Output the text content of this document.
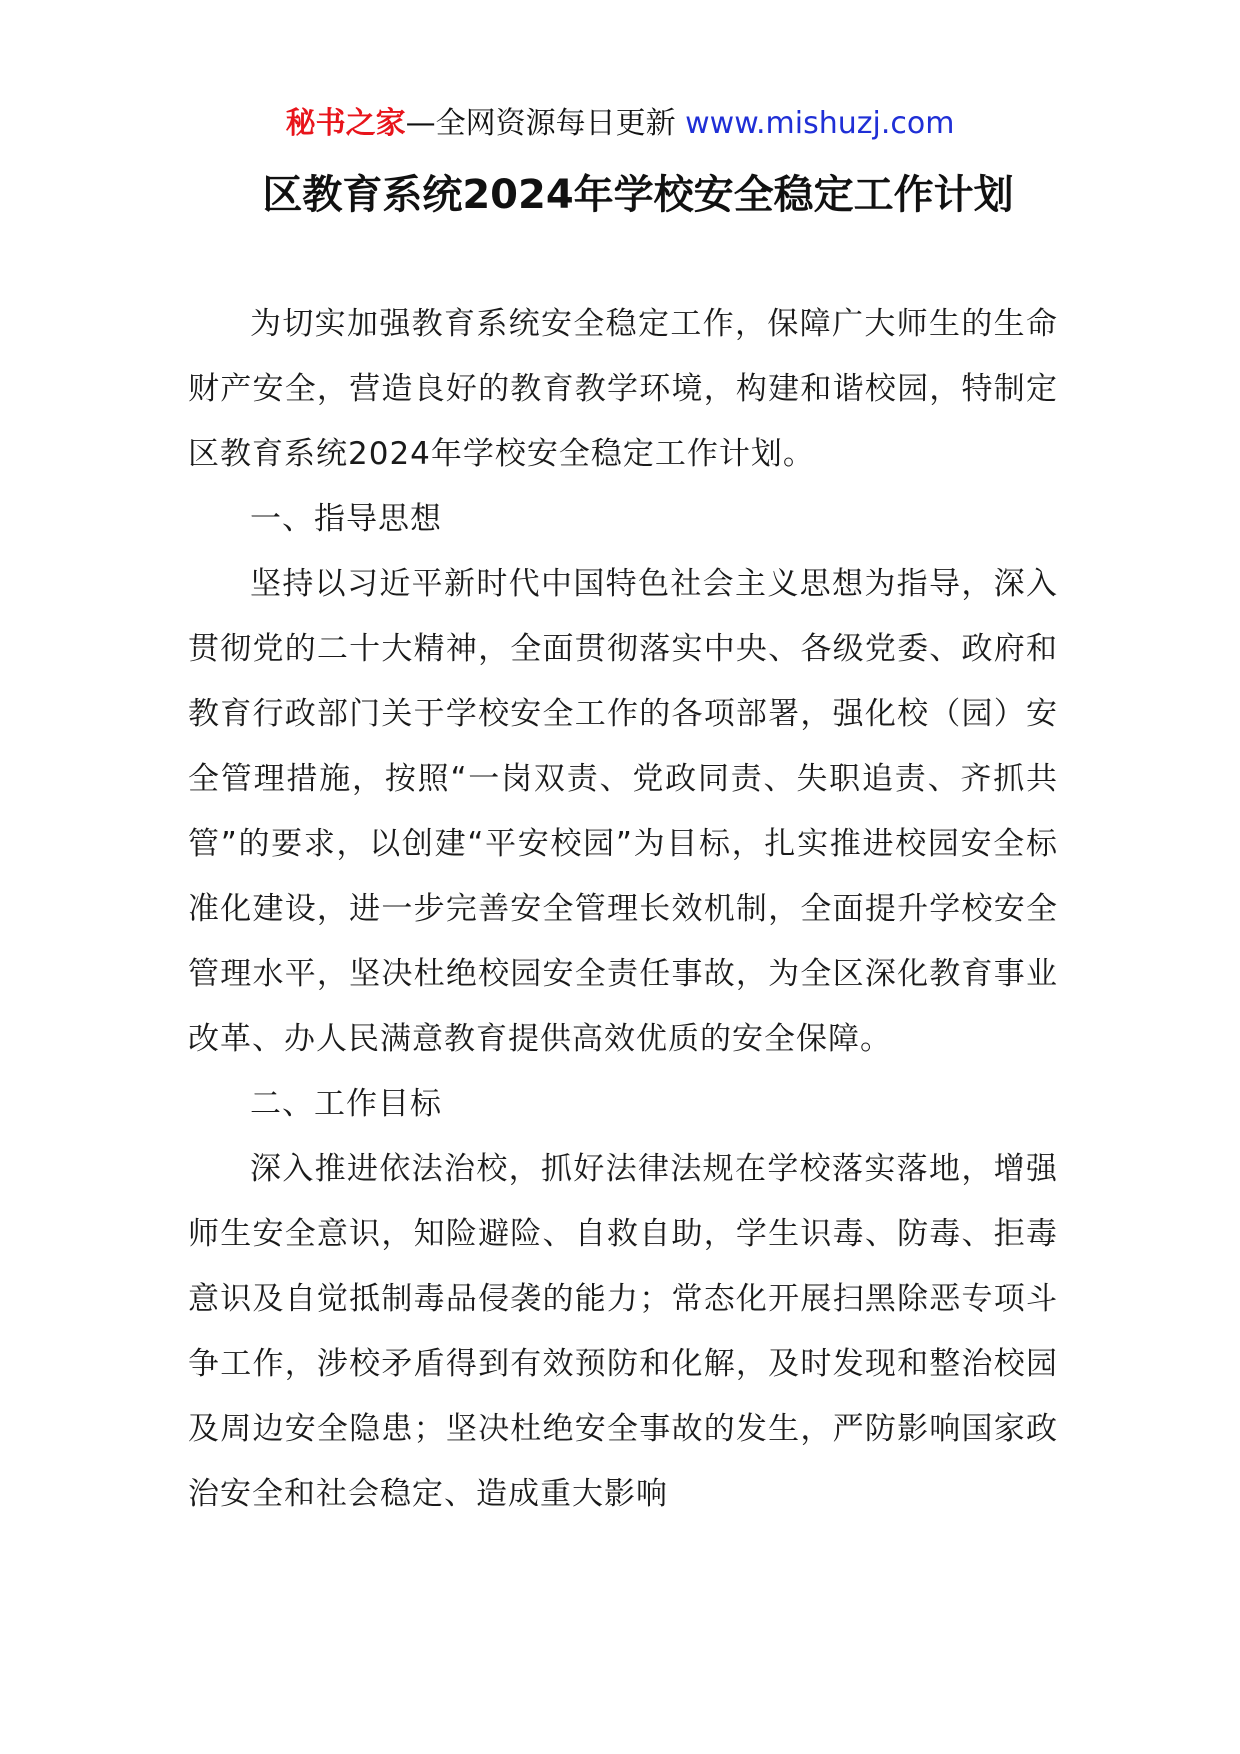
秘书之家—全网资源每日更新 www.mishuzj.com
区教育系统2024年学校安全稳定工作计划

为切实加强教育系统安全稳定工作，保障广大师生的生命财产安全，营造良好的教育教学环境，构建和谐校园，特制定区教育系统2024年学校安全稳定工作计划。

一、指导思想

坚持以习近平新时代中国特色社会主义思想为指导，深入贯彻党的二十大精神，全面贯彻落实中央、各级党委、政府和教育行政部门关于学校安全工作的各项部署，强化校（园）安全管理措施，按照“一岗双责、党政同责、失职追责、齐抓共管”的要求，以创建“平安校园”为目标，扎实推进校园安全标准化建设，进一步完善安全管理长效机制，全面提升学校安全管理水平，坚决杜绝校园安全责任事故，为全区深化教育事业改革、办人民满意教育提供高效优质的安全保障。

二、工作目标

深入推进依法治校，抓好法律法规在学校落实落地，增强师生安全意识，知险避险、自救自助，学生识毒、防毒、拒毒意识及自觉抵制毒品侵袭的能力；常态化开展扫黑除恶专项斗争工作，涉校矛盾得到有效预防和化解，及时发现和整治校园及周边安全隐患；坚决杜绝安全事故的发生，严防影响国家政治安全和社会稳定、造成重大影响
